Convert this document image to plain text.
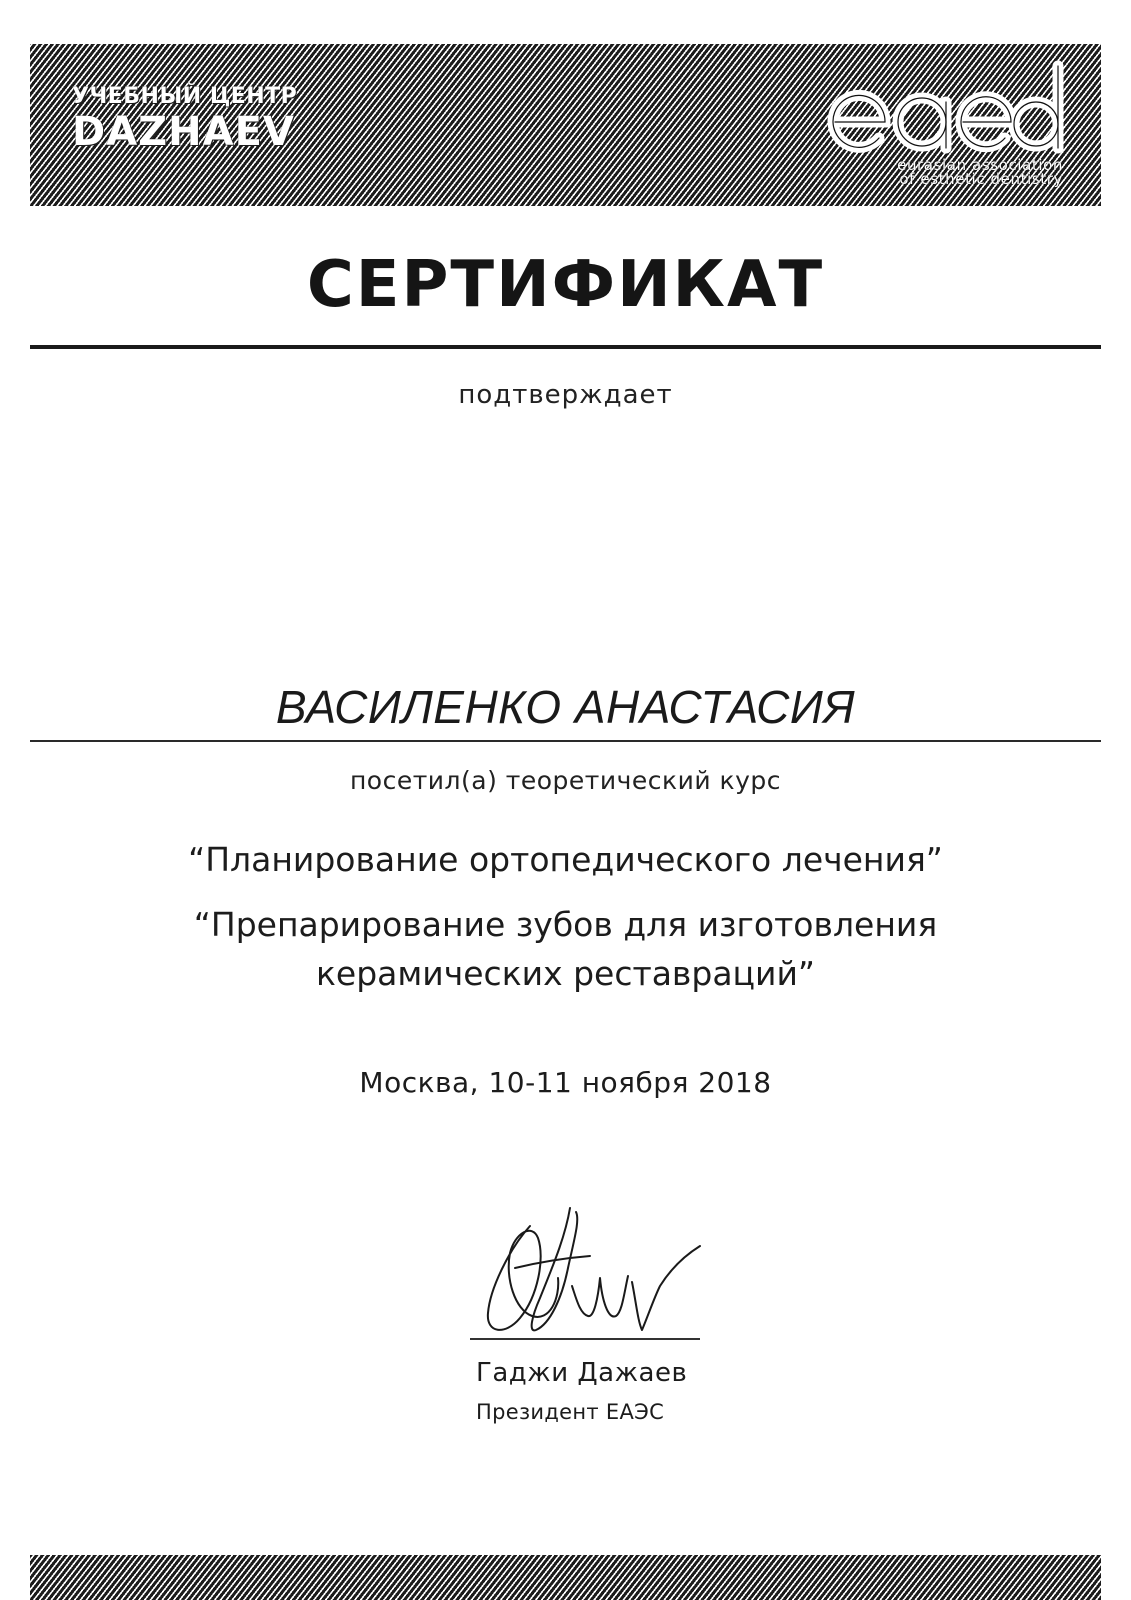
УЧЕБНЫЙ ЦЕНТР
DAZHAEV
eurasian association
of esthetic dentistry
СЕРТИФИКАТ
подтверждает
ВАСИЛЕНКО АНАСТАСИЯ
посетил(а) теоретический курс
“Планирование ортопедического лечения”
“Препарирование зубов для изготовления
керамических реставраций”
Москва, 10-11 ноября 2018
Гаджи Дажаев
Президент ЕАЭС
